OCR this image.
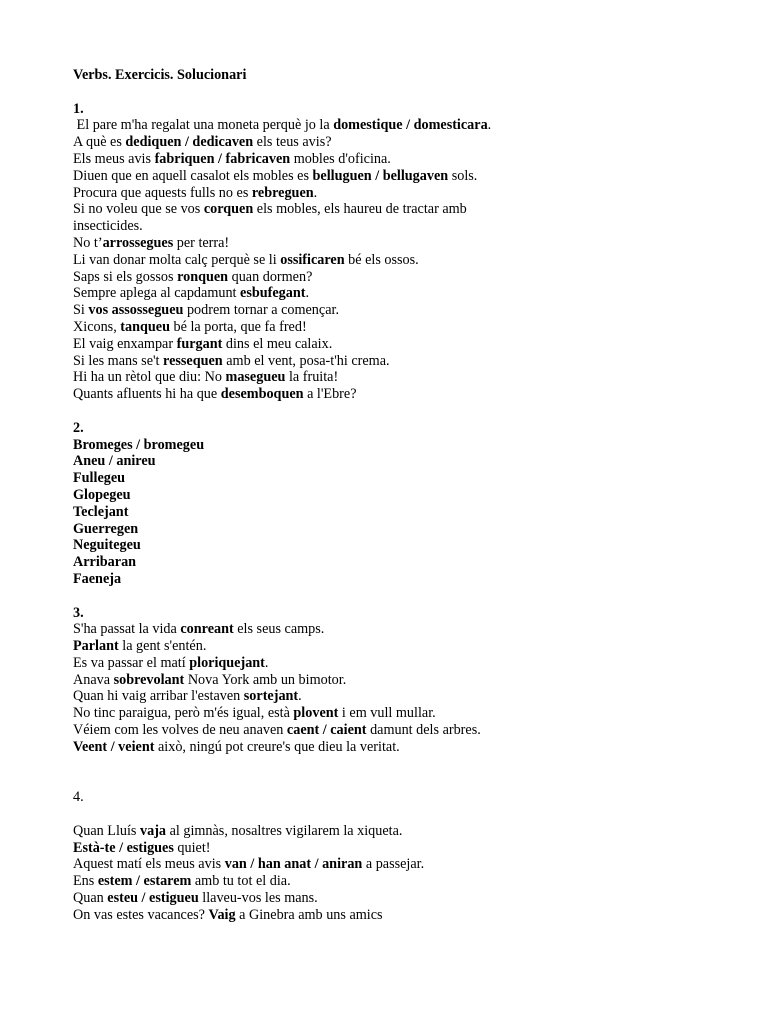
Verbs. Exercicis. Solucionari
1.
El pare m'ha regalat una moneta perquè jo la domestique / domesticara.
A què es dediquen / dedicaven els teus avis?
Els meus avis fabriquen / fabricaven mobles d'oficina.
Diuen que en aquell casalot els mobles es belluguen / bellugaven sols.
Procura que aquests fulls no es rebreguen.
Si no voleu que se vos corquen els mobles, els haureu de tractar amb
insecticides.
No t’arrossegues per terra!
Li van donar molta calç perquè se li ossificaren bé els ossos.
Saps si els gossos ronquen quan dormen?
Sempre aplega al capdamunt esbufegant.
Si vos assossegueu podrem tornar a començar.
Xicons, tanqueu bé la porta, que fa fred!
El vaig enxampar furgant dins el meu calaix.
Si les mans se't ressequen amb el vent, posa-t'hi crema.
Hi ha un rètol que diu: No masegueu la fruita!
Quants afluents hi ha que desemboquen a l'Ebre?
2.
Bromeges / bromegeu
Aneu / anireu
Fullegeu
Glopegeu
Teclejant
Guerregen
Neguitegeu
Arribaran
Faeneja
3.
S'ha passat la vida conreant els seus camps.
Parlant la gent s'entén.
Es va passar el matí ploriquejant.
Anava sobrevolant Nova York amb un bimotor.
Quan hi vaig arribar l'estaven sortejant.
No tinc paraigua, però m'és igual, està plovent i em vull mullar.
Véiem com les volves de neu anaven caent / caient damunt dels arbres.
Veent / veient això, ningú pot creure's que dieu la veritat.
4.
Quan Lluís vaja al gimnàs, nosaltres vigilarem la xiqueta.
Està-te / estigues quiet!
Aquest matí els meus avis van / han anat / aniran a passejar.
Ens estem / estarem amb tu tot el dia.
Quan esteu / estigueu llaveu-vos les mans.
On vas estes vacances? Vaig a Ginebra amb uns amics
